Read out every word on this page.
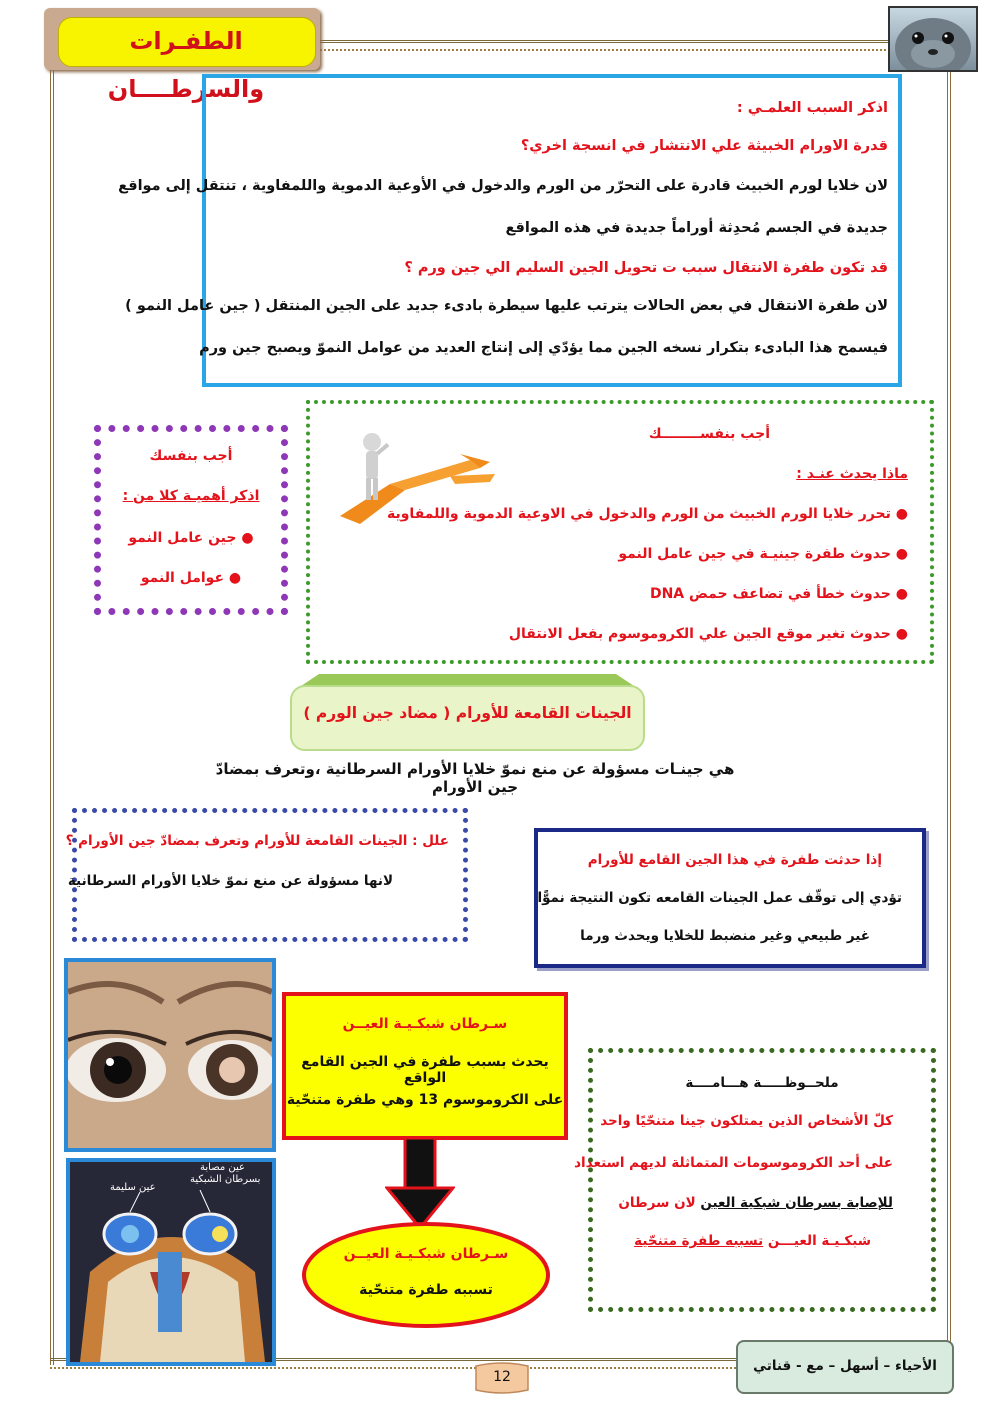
الطفـرات والسرطــــان
اذكر السبب العلمـي :
قدرة الاورام الخبيثة علي الانتشار في انسجة اخري؟
لان خلايا لورم الخبيث قادرة على التحرّر من الورم والدخول في الأوعية الدموية واللمفاوية ، تنتقل إلى مواقع
جديدة في الجسم مُحدِثة أوراماً جديدة في هذه المواقع
قد تكون طفرة الانتقال سبب ت تحويل الجين السليم الي جين ورم ؟
لان طفرة الانتقال في بعض الحالات يترتب عليها سيطرة بادىء جديد على الجين المنتقل ( جين عامل النمو )
فيسمح هذا البادىء بتكرار نسخه الجين مما يؤدّي إلى إنتاج العديد من عوامل النموّ ويصبح جين ورم
أجب بنفسك
اذكر أهميـة كلا من :
● جين عامل النمو
● عوامل النمو
أجب بنفســــــــك
ماذا يحدث عنـد :
● تحرر خلايا الورم الخبيث من الورم والدخول في الاوعية الدموية واللمفاوية
● حدوث طفرة جينيـة في جين عامل النمو
● حدوث خطأ في تضاعف حمض DNA
● حدوث تغير موقع الجين علي الكروموسوم بفعل الانتقال
الجينات القامعة للأورام ( مضاد جين الورم )
هي جينـات مسؤولة عن منع نموّ خلايا الأورام السرطانية ،وتعرف بمضادّ جين الأورام
علل : الجينات القامعة للأورام وتعرف بمضادّ جين الأورام ؟
لانها مسؤولة عن منع نموّ خلايا الأورام السرطانية
إذا حدثت طفرة في هذا الجين القامع للأورام
تؤدي إلى توقّف عمل الجينات القامعه تكون النتيجة نموًّا
غير طبيعي وغير منضبط للخلايا ويحدث ورما
عين سليمة
عين مصابة
بسرطان الشبكية
سـرطان شبكـيـة العيــن
يحدث بسبب طفرة في الجين القامع الواقع
على الكروموسوم 13 وهي طفرة متنحّية
سـرطان شبكـيـة العيــن
تسببه طفرة متنحّية
ملحــوظـــــة هـــامــــة
كلّ الأشخاص الذين يمتلكون جينا متنحّيًا واحد
على أحد الكروموسومات المتماثلة لديهم استعداد
للإصابة بسرطان شبكية العين لان سرطان
شبكـيـة العيـــن تسببه طفرة متنحّية
12
الأحياء – أسهل – مع - قناتي
